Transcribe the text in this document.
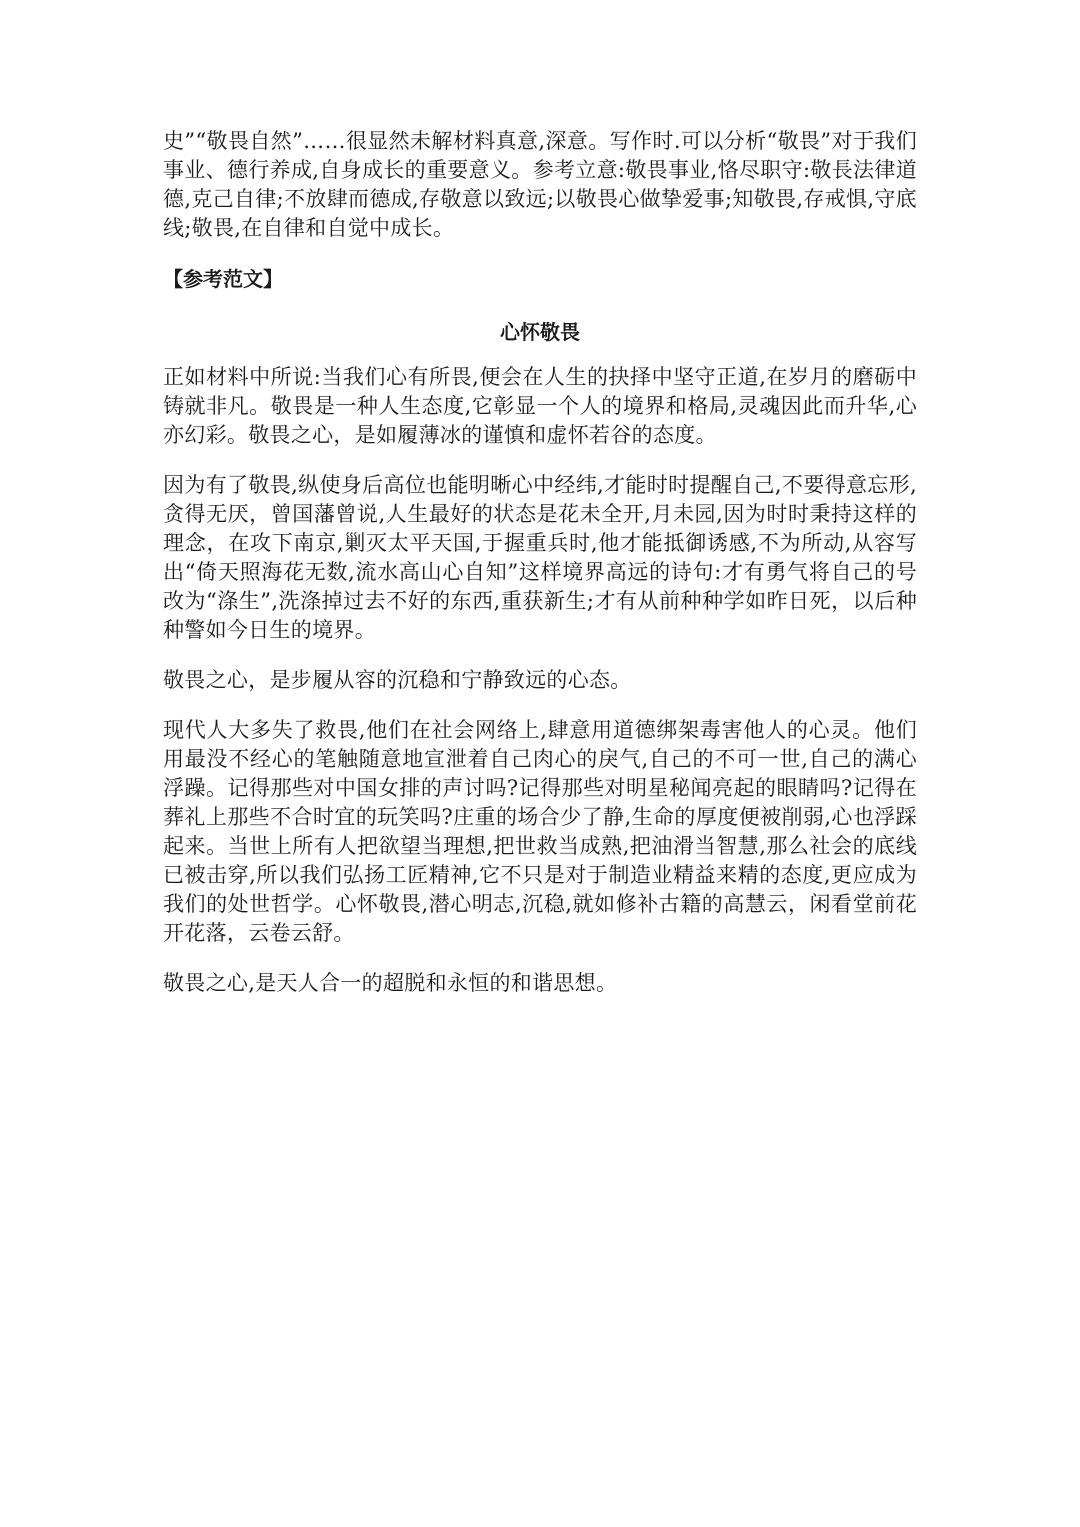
史”“敬畏自然”……很显然未解材料真意,深意。写作时.可以分析“敬畏”对于我们事业、德行养成,自身成长的重要意义。参考立意:敬畏事业,恪尽职守:敬長法律道德,克己自律;不放肆而德成,存敬意以致远;以敬畏心做挚爱事;知敬畏,存戒惧,守底线;敬畏,在自律和自觉中成长。

【参考范文】
心怀敬畏

正如材料中所说:当我们心有所畏,便会在人生的抉择中坚守正道,在岁月的磨砺中铸就非凡。敬畏是一种人生态度,它彰显一个人的境界和格局,灵魂因此而升华,心亦幻彩。敬畏之心，是如履薄冰的谨慎和虚怀若谷的态度。

因为有了敬畏,纵使身后高位也能明晰心中经纬,才能时时提醒自己,不要得意忘形,贪得无厌，曾国藩曾说,人生最好的状态是花未全开,月未园,因为时时秉持这样的理念，在攻下南京,剿灭太平天国,于握重兵时,他才能抵御诱感,不为所动,从容写出“倚天照海花无数,流水高山心自知”这样境界高远的诗句:才有勇气将自己的号改为“涤生”,洗涤掉过去不好的东西,重获新生;才有从前种种学如昨日死，以后种种警如今日生的境界。

敬畏之心，是步履从容的沉稳和宁静致远的心态。

现代人大多失了救畏,他们在社会网络上,肆意用道德绑架毒害他人的心灵。他们用最没不经心的笔触随意地宣泄着自己肉心的戾气,自己的不可一世,自己的满心浮躁。记得那些对中国女排的声讨吗?记得那些对明星秘闻亮起的眼睛吗?记得在葬礼上那些不合时宜的玩笑吗?庄重的场合少了静,生命的厚度便被削弱,心也浮踩起来。当世上所有人把欲望当理想,把世救当成熟,把油滑当智慧,那么社会的底线已被击穿,所以我们弘扬工匠精神,它不只是对于制造业精益来精的态度,更应成为我们的处世哲学。心怀敬畏,潜心明志,沉稳,就如修补古籍的高慧云，闲看堂前花开花落，云卷云舒。

敬畏之心,是天人合一的超脱和永恒的和谐思想。
